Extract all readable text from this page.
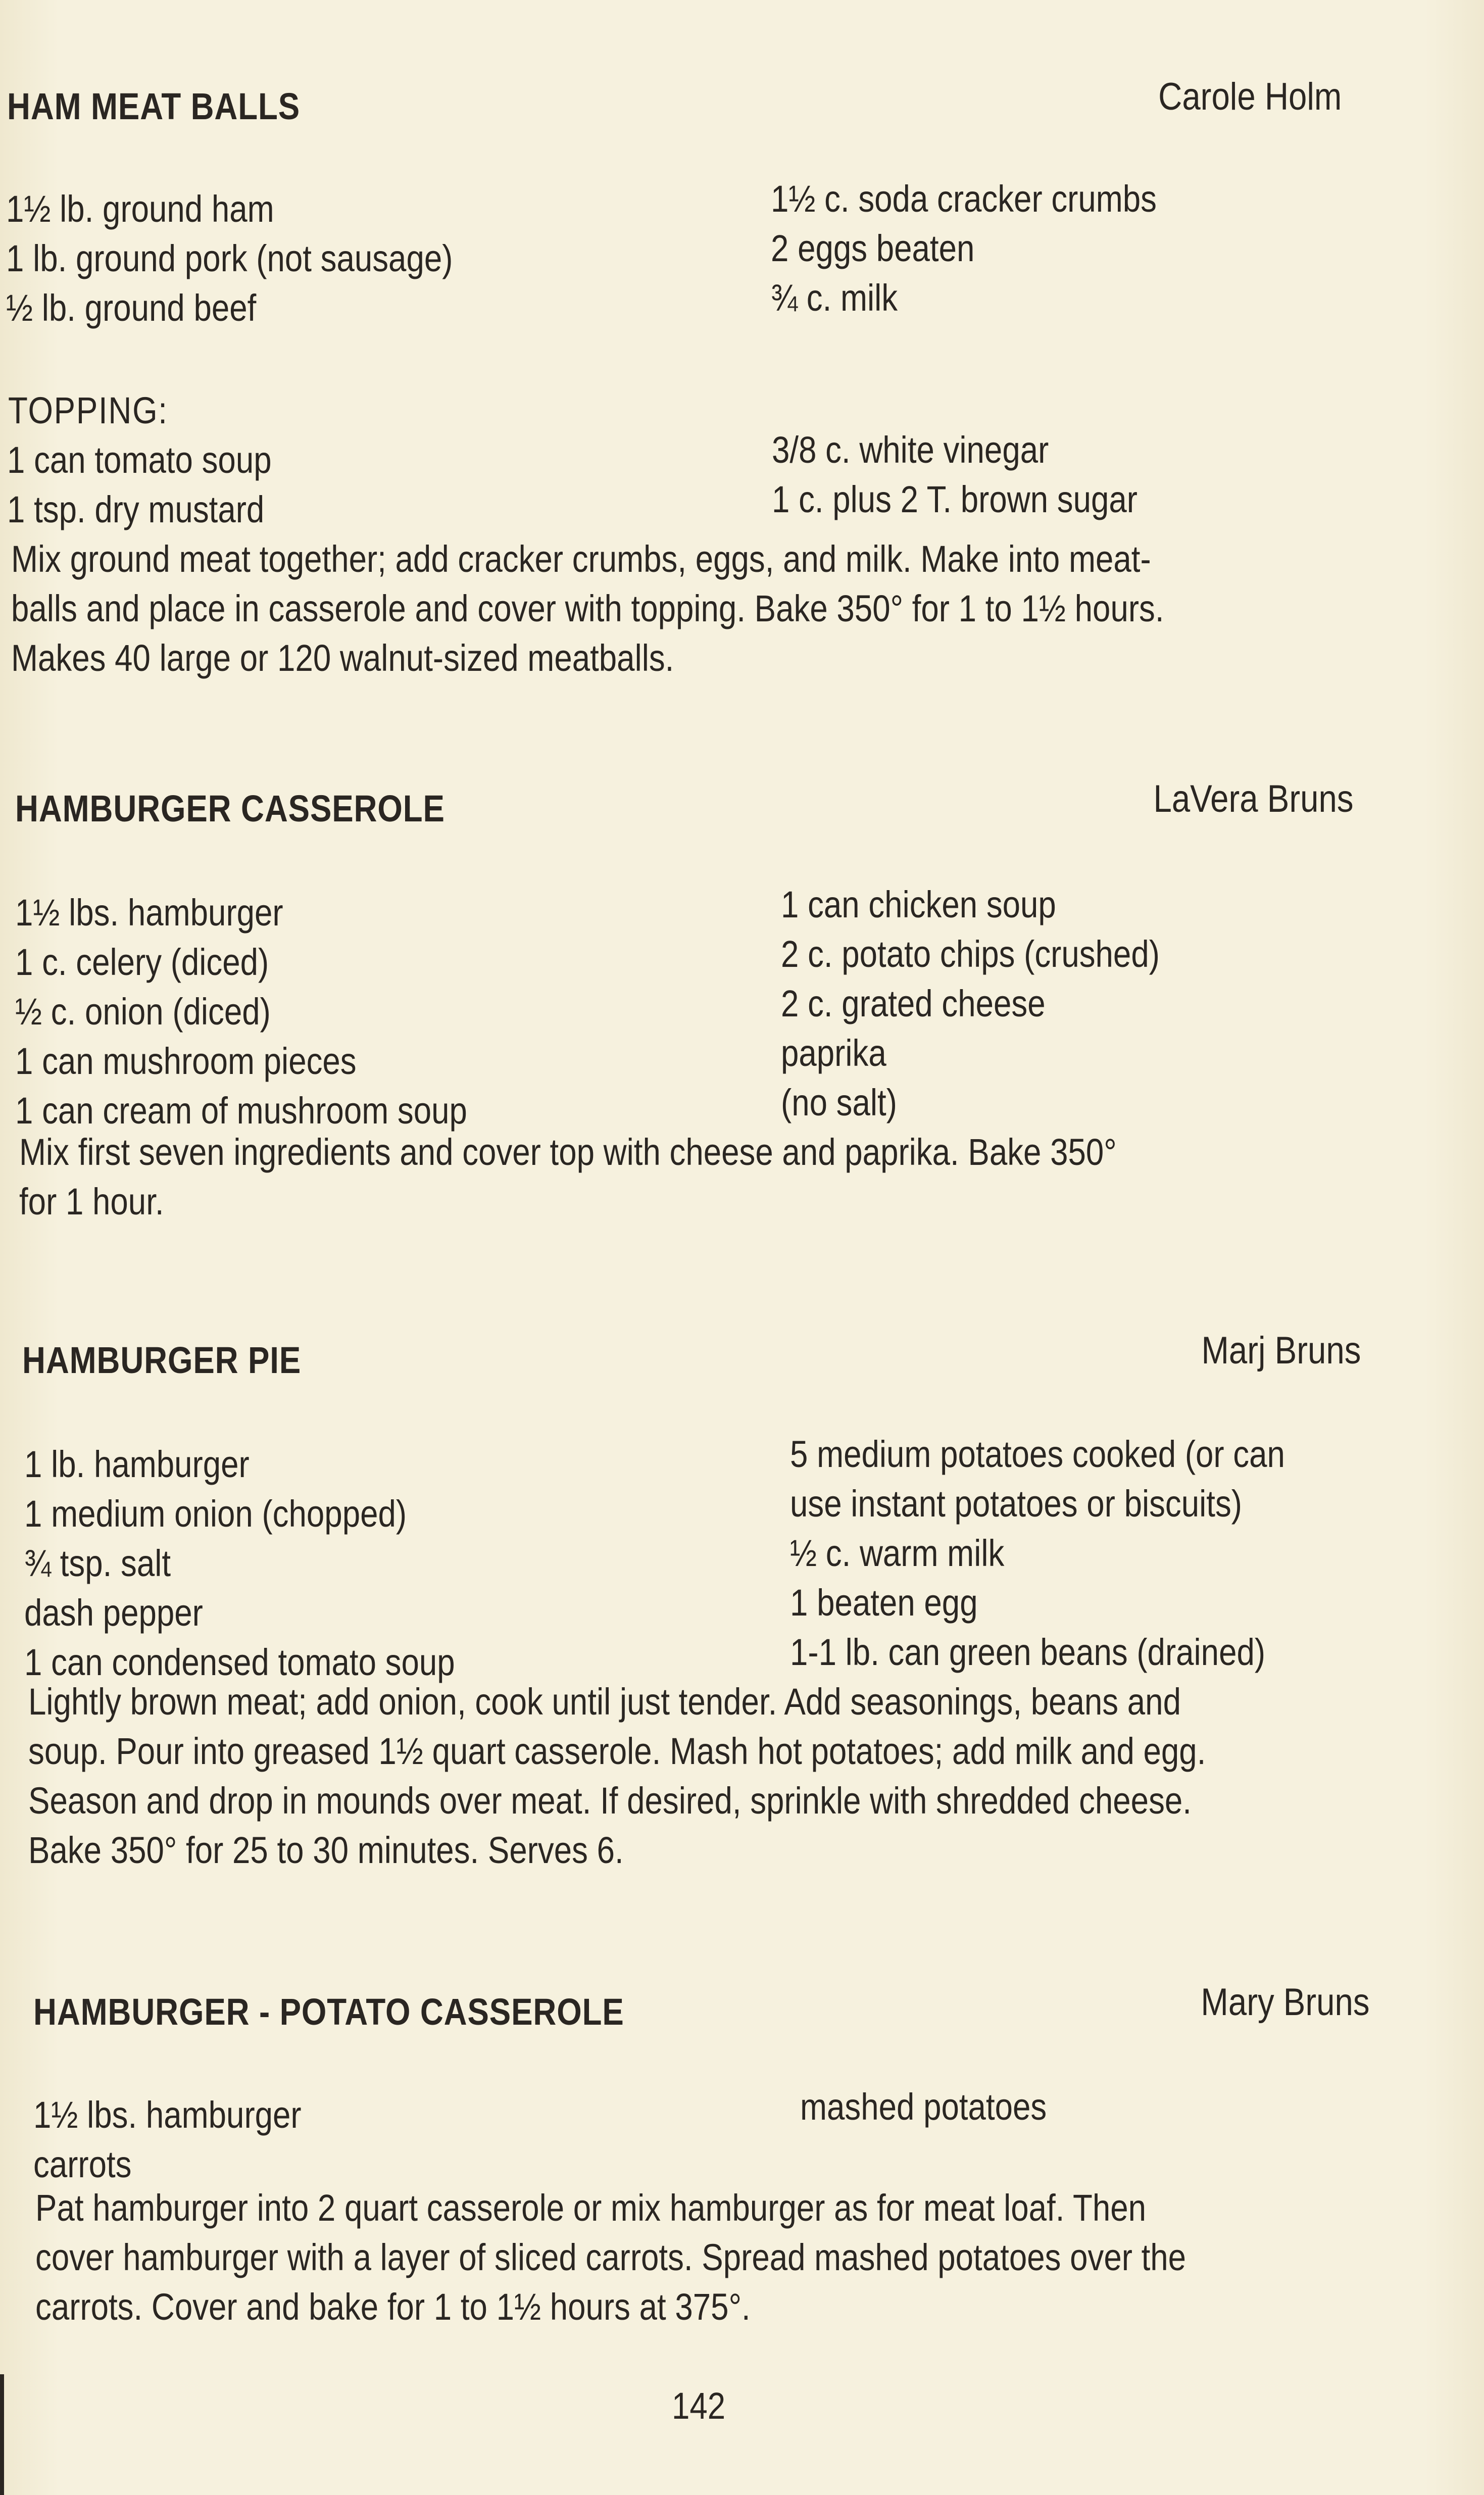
HAM MEAT BALLS	Carole Holm
1½ lb. ground ham
1 lb. ground pork (not sausage)
½ lb. ground beef
1½ c. soda cracker crumbs
2 eggs beaten
¾ c. milk
TOPPING:
1 can tomato soup
1 tsp. dry mustard
3/8 c. white vinegar
1 c. plus 2 T. brown sugar
Mix ground meat together; add cracker crumbs, eggs, and milk. Make into meat-
balls and place in casserole and cover with topping. Bake 350° for 1 to 1½ hours.
Makes 40 large or 120 walnut-sized meatballs.
HAMBURGER CASSEROLE	LaVera Bruns
1½ lbs. hamburger
1 c. celery (diced)
½ c. onion (diced)
1 can mushroom pieces
1 can cream of mushroom soup
1 can chicken soup
2 c. potato chips (crushed)
2 c. grated cheese
paprika
(no salt)
Mix first seven ingredients and cover top with cheese and paprika. Bake 350°
for 1 hour.
HAMBURGER PIE	Marj Bruns
1 lb. hamburger
1 medium onion (chopped)
¾ tsp. salt
dash pepper
1 can condensed tomato soup
5 medium potatoes cooked (or can
use instant potatoes or biscuits)
½ c. warm milk
1 beaten egg
1-1 lb. can green beans (drained)
Lightly brown meat; add onion, cook until just tender. Add seasonings, beans and
soup. Pour into greased 1½ quart casserole. Mash hot potatoes; add milk and egg.
Season and drop in mounds over meat. If desired, sprinkle with shredded cheese.
Bake 350° for 25 to 30 minutes. Serves 6.
HAMBURGER - POTATO CASSEROLE	Mary Bruns
1½ lbs. hamburger
carrots
mashed potatoes
Pat hamburger into 2 quart casserole or mix hamburger as for meat loaf. Then
cover hamburger with a layer of sliced carrots. Spread mashed potatoes over the
carrots. Cover and bake for 1 to 1½ hours at 375°.
142
